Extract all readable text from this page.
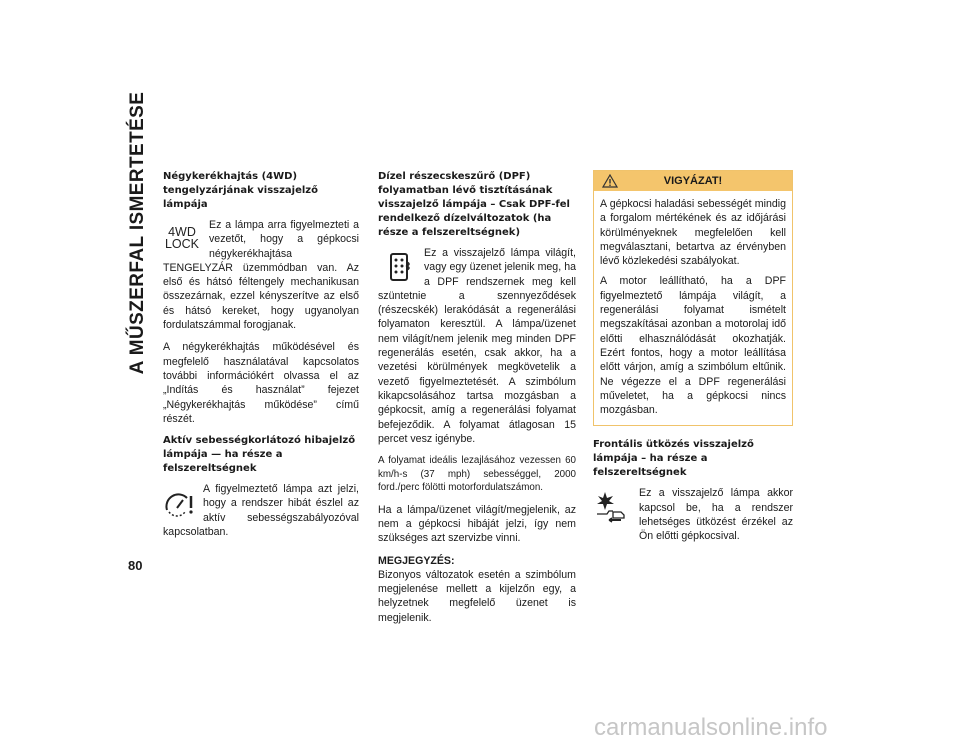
A MŰSZERFAL ISMERTETÉSE
80
Négykerékhajtás (4WD) tengelyzárjának visszajelző lámpája
4WD
LOCK

Ez a lámpa arra figyelmezteti a vezetőt, hogy a gépkocsi négykerékhajtása TENGELYZÁR üzemmódban van. Az első és hátsó féltengely mechanikusan összezárnak, ezzel kényszerítve az első és hátsó kereket, hogy ugyanolyan fordulatszámmal forogjanak.

A négykerékhajtás működésével és megfelelő használatával kapcsolatos további információkért olvassa el az „Indítás és használat” fejezet „Négykerékhajtás működése” című részét.

Aktív sebességkorlátozó hibajelző lámpája — ha része a felszereltségnek

A figyelmeztető lámpa azt jelzi, hogy a rendszer hibát észlel az aktív sebességszabályozóval kapcsolatban.

Dízel részecskeszűrő (DPF) folyamatban lévő tisztításának visszajelző lámpája – Csak DPF-fel rendelkező dízelváltozatok (ha része a felszereltségnek)

Ez a visszajelző lámpa világít, vagy egy üzenet jelenik meg, ha a DPF rendszernek meg kell szüntetnie a szennyeződések (részecskék) lerakódását a regenerálási folyamaton keresztül. A lámpa/üzenet nem világít/nem jelenik meg minden DPF regenerálás esetén, csak akkor, ha a vezetési körülmények megkövetelik a vezető figyelmeztetését. A szimbólum kikapcsolásához tartsa mozgásban a gépkocsit, amíg a regenerálási folyamat befejeződik. A folyamat átlagosan 15 percet vesz igénybe.

A folyamat ideális lezajlásához vezessen 60 km/h-s (37 mph) sebességgel, 2000 ford./perc fölötti motorfordulatszámon.

Ha a lámpa/üzenet világít/megjelenik, az nem a gépkocsi hibáját jelzi, így nem szükséges azt szervizbe vinni.

MEGJEGYZÉS:

Bizonyos változatok esetén a szimbólum megjelenése mellett a kijelzőn egy, a helyzetnek megfelelő üzenet is megjelenik.

VIGYÁZAT!

A gépkocsi haladási sebességét mindig a forgalom mértékének és az időjárási körülményeknek megfelelően kell megválasztani, betartva az érvényben lévő közlekedési szabályokat.

A motor leállítható, ha a DPF figyelmeztető lámpája világít, a regenerálási folyamat ismételt megszakításai azonban a motorolaj idő előtti elhasználódását okozhatják. Ezért fontos, hogy a motor leállítása előtt várjon, amíg a szimbólum eltűnik. Ne végezze el a DPF regenerálási műveletet, ha a gépkocsi nincs mozgásban.

Frontális ütközés visszajelző lámpája – ha része a felszereltségnek

Ez a visszajelző lámpa akkor kapcsol be, ha a rendszer lehetséges ütközést érzékel az Ön előtti gépkocsival.

carmanualsonline.info
